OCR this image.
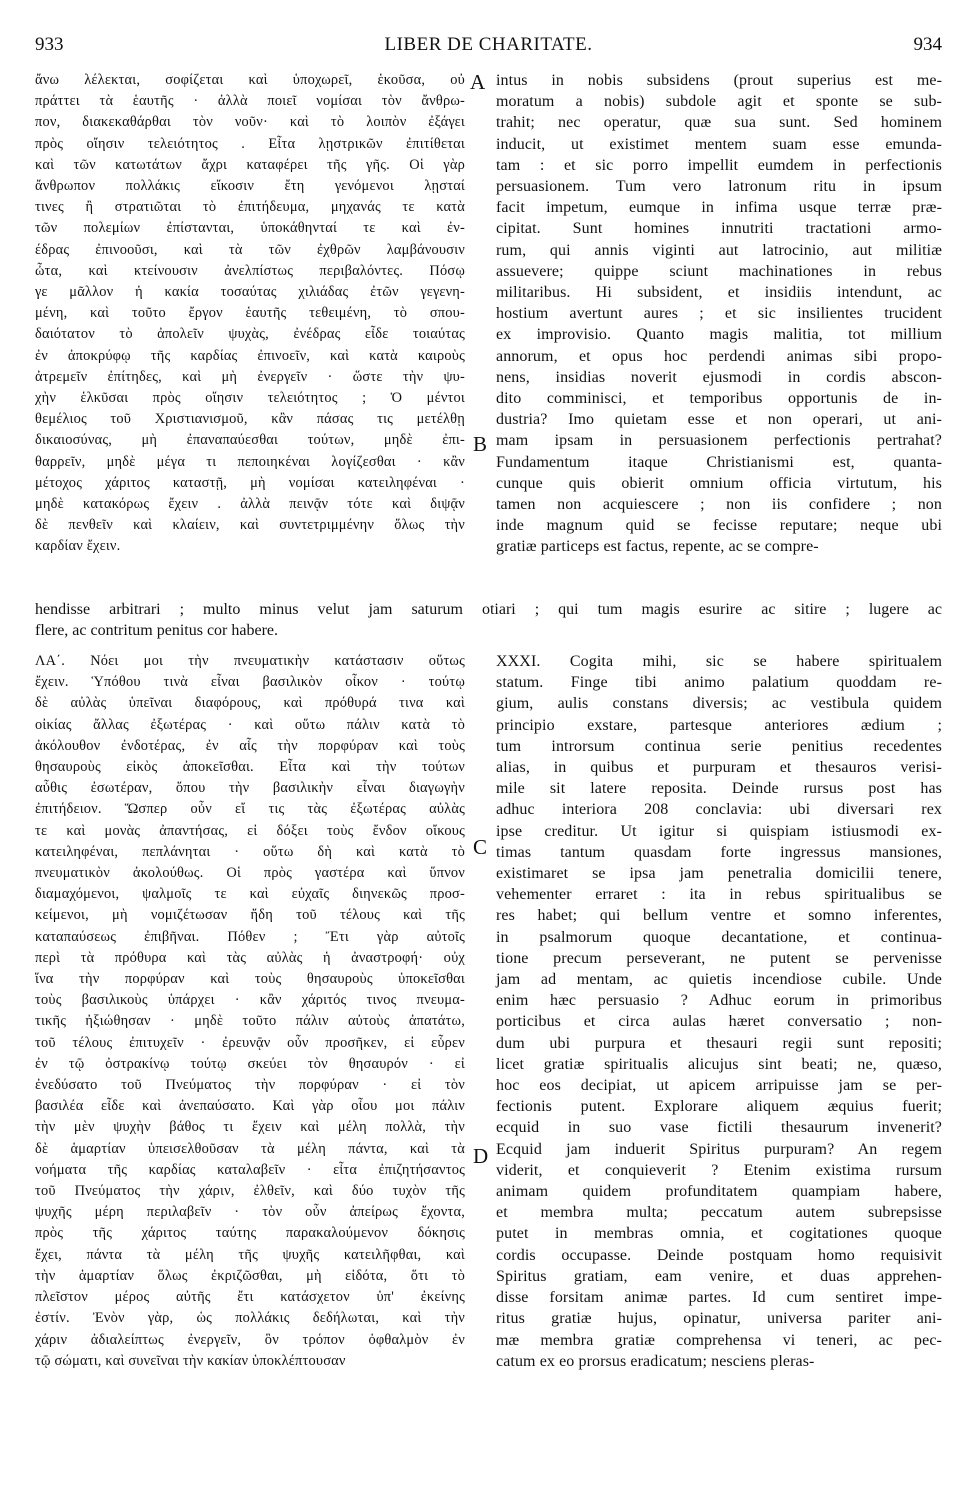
933	LIBER DE CHARITATE.	934
ἄνω λέλεκται, σοφίζεται καὶ ὑποχωρεῖ, ἑκοῦσα, οὐ
πράττει τὰ ἑαυτῆς · ἀλλὰ ποιεῖ νομίσαι τὸν ἄνθρω-
πον, διακεκαθάρθαι τὸν νοῦν· καὶ τὸ λοιπὸν ἐξάγει
πρὸς οἴησιν τελειότητος . Εἶτα λῃστρικῶν ἐπιτίθεται
καὶ τῶν κατωτάτων ἄχρι καταφέρει τῆς γῆς. Οἱ γὰρ
ἄνθρωπον πολλάκις εἴκοσιν ἔτη γενόμενοι λῃσταί
τινες ἢ στρατιῶται τὸ ἐπιτήδευμα, μηχανάς τε κατὰ
τῶν πολεμίων ἐπίστανται, ὑποκάθηνταί τε καὶ ἐν-
έδρας ἐπινοοῦσι, καὶ τὰ τῶν ἐχθρῶν λαμβάνουσιν
ὦτα, καὶ κτείνουσιν ἀνελπίστως περιβαλόντες. Πόσῳ
γε μᾶλλον ἡ κακία τοσαύτας χιλιάδας ἐτῶν γεγενη-
μένη, καὶ τοῦτο ἔργον ἑαυτῆς τεθειμένη, τὸ σπου-
δαιότατον τὸ ἀπολεῖν ψυχὰς, ἐνέδρας εἶδε τοιαύτας
ἐν ἀποκρύφῳ τῆς καρδίας ἐπινοεῖν, καὶ κατὰ καιροὺς
ἀτρεμεῖν ἐπίτηδες, καὶ μὴ ἐνεργεῖν · ὥστε τὴν ψυ-
χὴν ἑλκῦσαι πρὸς οἴησιν τελειότητος ; Ὁ μέντοι
θεμέλιος τοῦ Χριστιανισμοῦ, κἂν πάσας τις μετέλθῃ
δικαιοσύνας, μὴ ἐπαναπαύεσθαι τούτων, μηδὲ ἐπι-
θαρρεῖν, μηδὲ μέγα τι πεποιηκέναι λογίζεσθαι · κἂν
μέτοχος χάριτος καταστῇ, μὴ νομίσαι κατειληφέναι ·
μηδὲ κατακόρως ἔχειν . ἀλλὰ πεινᾷν τότε καὶ διψᾷν
δὲ πενθεῖν καὶ κλαίειν, καὶ συντετριμμένην ὅλως τὴν
καρδίαν ἔχειν.
intus in nobis subsidens (prout superius est me-
moratum a nobis) subdole agit et sponte se sub-
trahit; nec operatur, quæ sua sunt. Sed hominem
inducit, ut existimet mentem suam esse emunda-
tam : et sic porro impellit eumdem in perfectionis
persuasionem. Tum vero latronum ritu in ipsum
facit impetum, eumque in infima usque terræ præ-
cipitat. Sunt homines innutriti tractationi armo-
rum, qui annis viginti aut latrocinio, aut militiæ
assuevere; quippe sciunt machinationes in rebus
militaribus. Hi subsident, et insidiis intendunt, ac
hostium avertunt aures ; et sic insilientes trucident
ex improvisio. Quanto magis malitia, tot millium
annorum, et opus hoc perdendi animas sibi propo-
nens, insidias noverit ejusmodi in cordis abscon-
dito comminisci, et temporibus opportunis de in-
dustria? Imo quietam esse et non operari, ut ani-
mam ipsam in persuasionem perfectionis pertrahat?
Fundamentum itaque Christianismi est, quanta-
cunque quis obierit omnium officia virtutum, his
tamen non acquiescere ; non iis confidere ; non
inde magnum quid se fecisse reputare; neque ubi
gratiæ particeps est factus, repente, ac se compre-
hendisse arbitrari ; multo minus velut jam saturum otiari ; qui tum magis esurire ac sitire ; lugere ac
flere, ac contritum penitus cor habere.
ΛΑ΄. Νόει μοι τὴν πνευματικὴν κατάστασιν οὕτως
ἔχειν. Ὑπόθου τινὰ εἶναι βασιλικὸν οἶκον · τούτῳ
δὲ αὐλὰς ὑπεῖναι διαφόρους, καὶ πρόθυρά τινα καὶ
οἰκίας ἄλλας ἐξωτέρας · καὶ οὕτω πάλιν κατὰ τὸ
ἀκόλουθον ἐνδοτέρας, ἐν αἷς τὴν πορφύραν καὶ τοὺς
θησαυροὺς εἰκὸς ἀποκεῖσθαι. Εἶτα καὶ τὴν τούτων
αὖθις ἐσωτέραν, ὅπου τὴν βασιλικὴν εἶναι διαγωγὴν
ἐπιτήδειον. Ὥσπερ οὖν εἴ τις τὰς ἐξωτέρας αὐλὰς
τε καὶ μονὰς ἀπαντήσας, εἰ δόξει τοὺς ἔνδον οἴκους
κατειληφέναι, πεπλάνηται · οὕτω δὴ καὶ κατὰ τὸ
πνευματικὸν ἀκολούθως. Οἱ πρὸς γαστέρα καὶ ὕπνον
διαμαχόμενοι, ψαλμοῖς τε καὶ εὐχαῖς διηνεκῶς προσ-
κείμενοι, μὴ νομιζέτωσαν ἤδη τοῦ τέλους καὶ τῆς
καταπαύσεως ἐπιβῆναι. Πόθεν ; Ἔτι γὰρ αὐτοῖς
περὶ τὰ πρόθυρα καὶ τὰς αὐλὰς ἡ ἀναστροφή· οὐχ
ἵνα τὴν πορφύραν καὶ τοὺς θησαυροὺς ὑποκεῖσθαι
τοὺς βασιλικοὺς ὑπάρχει · κἂν χάριτός τινος πνευμα-
τικῆς ἠξιώθησαν · μηδὲ τοῦτο πάλιν αὐτοὺς ἀπατάτω,
τοῦ τέλους ἐπιτυχεῖν · ἐρευνᾷν οὖν προσῆκεν, εἰ εὗρεν
ἐν τῷ ὀστρακίνῳ τούτῳ σκεύει τὸν θησαυρόν · εἰ
ἐνεδύσατο τοῦ Πνεύματος τὴν πορφύραν · εἰ τὸν
βασιλέα εἶδε καὶ ἀνεπαύσατο. Καὶ γὰρ οἶου μοι πάλιν
τὴν μὲν ψυχὴν βάθος τι ἔχειν καὶ μέλη πολλὰ, τὴν
δὲ ἁμαρτίαν ὑπεισελθοῦσαν τὰ μέλη πάντα, καὶ τὰ
νοήματα τῆς καρδίας καταλαβεῖν · εἶτα ἐπιζητήσαντος
τοῦ Πνεύματος τὴν χάριν, ἐλθεῖν, καὶ δύο τυχὸν τῆς
ψυχῆς μέρη περιλαβεῖν · τὸν οὖν ἀπείρως ἔχοντα,
πρὸς τῆς χάριτος ταύτης παρακαλούμενον δόκησις
ἔχει, πάντα τὰ μέλη τῆς ψυχῆς κατειλῆφθαι, καὶ
τὴν ἁμαρτίαν ὅλως ἐκριζῶσθαι, μὴ εἰδότα, ὅτι τὸ
πλεῖστον μέρος αὐτῆς ἔτι κατάσχετον ὑπ' ἐκείνης
ἐστίν. Ἐνὸν γὰρ, ὡς πολλάκις δεδήλωται, καὶ τὴν
χάριν ἀδιαλείπτως ἐνεργεῖν, ὃν τρόπον ὀφθαλμὸν ἐν
τῷ σώματι, καὶ συνεῖναι τὴν κακίαν ὑποκλέπτουσαν
XXXI. Cogita mihi, sic se habere spiritualem
statum. Finge tibi animo palatium quoddam re-
gium, aulis constans diversis; ac vestibula quidem
principio exstare, partesque anteriores ædium ;
tum introrsum continua serie penitius recedentes
alias, in quibus et purpuram et thesauros verisi-
mile sit latere reposita. Deinde rursus post has
adhuc interiora 208 conclavia: ubi diversari rex
ipse creditur. Ut igitur si quispiam istiusmodi ex-
timas tantum quasdam forte ingressus mansiones,
existimaret se ipsa jam penetralia domicilii tenere,
vehementer erraret : ita in rebus spiritualibus se
res habet; qui bellum ventre et somno inferentes,
in psalmorum quoque decantatione, et continua-
tione precum perseverant, ne putent se pervenisse
jam ad mentam, ac quietis incendiose cubile. Unde
enim hæc persuasio ? Adhuc eorum in primoribus
porticibus et circa aulas hæret conversatio ; non-
dum ubi purpura et thesauri regii sunt repositi;
licet gratiæ spiritualis alicujus sint beati; ne, quæso,
hoc eos decipiat, ut apicem arripuisse jam se per-
fectionis putent. Explorare aliquem æquius fuerit;
ecquid in suo vase fictili thesaurum invenerit?
Ecquid jam induerit Spiritus purpuram? An regem
viderit, et conquieverit ? Etenim existima rursum
animam quidem profunditatem quampiam habere,
et membra multa; peccatum autem subrepsisse
putet in membras omnia, et cogitationes quoque
cordis occupasse. Deinde postquam homo requisivit
Spiritus gratiam, eam venire, et duas apprehen-
disse forsitam animæ partes. Id cum sentiret impe-
ritus gratiæ hujus, opinatur, universa pariter ani-
mæ membra gratiæ comprehensa vi teneri, ac pec-
catum ex eo prorsus eradicatum; nesciens pleras-
A
B
C
D
